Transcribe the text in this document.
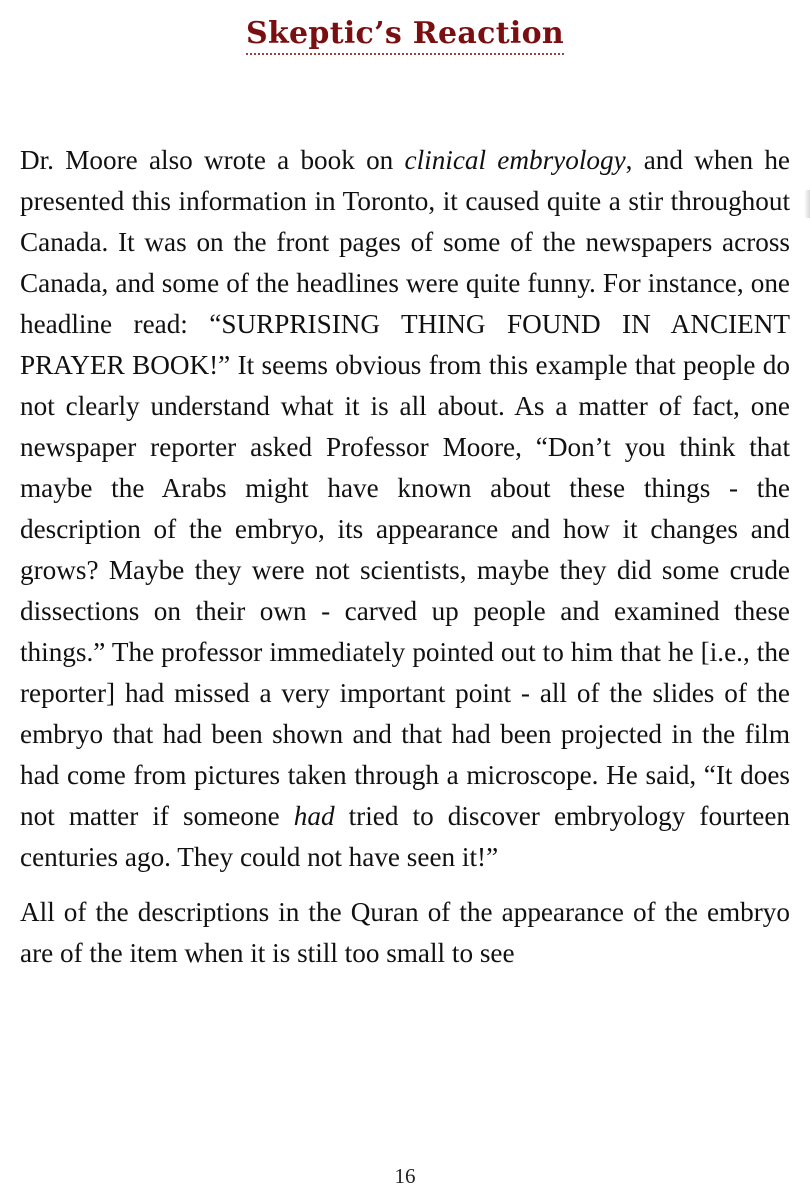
Skeptic’s Reaction

Dr. Moore also wrote a book on clinical embryology, and when he presented this information in Toronto, it caused quite a stir throughout Canada. It was on the front pages of some of the newspapers across Canada, and some of the headlines were quite funny. For instance, one headline read: “SURPRISING THING FOUND IN ANCIENT PRAYER BOOK!” It seems obvious from this example that people do not clearly understand what it is all about. As a matter of fact, one newspaper reporter asked Professor Moore, “Don’t you think that maybe the Arabs might have known about these things - the description of the embryo, its appearance and how it changes and grows? Maybe they were not scientists, maybe they did some crude dissections on their own - carved up people and examined these things.” The professor immediately pointed out to him that he [i.e., the reporter] had missed a very important point - all of the slides of the embryo that had been shown and that had been projected in the film had come from pictures taken through a microscope. He said, “It does not matter if someone had tried to discover embryology fourteen centuries ago. They could not have seen it!”

All of the descriptions in the Quran of the appearance of the embryo are of the item when it is still too small to see

16
